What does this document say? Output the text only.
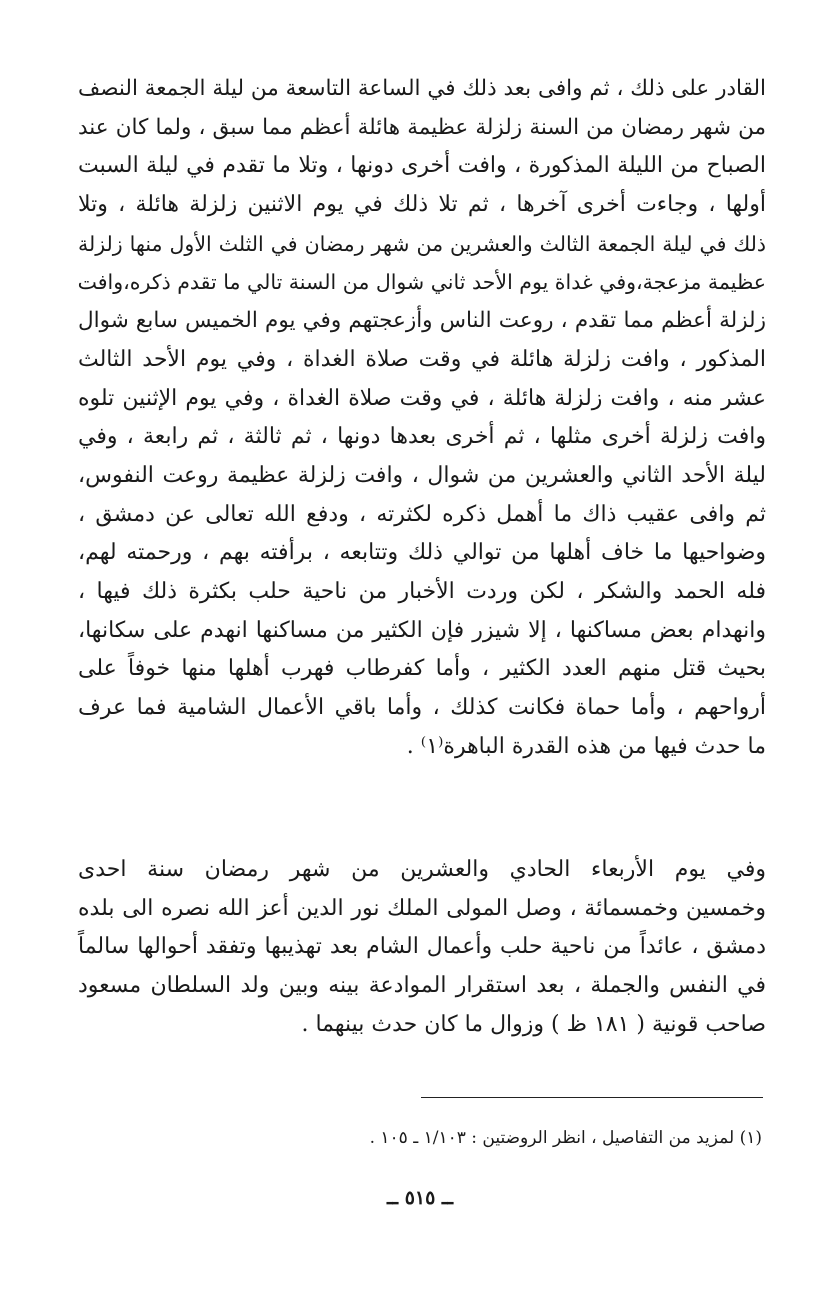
القادر على ذلك ، ثم وافى بعد ذلك في الساعة التاسعة من ليلة الجمعة النصف
من شهر رمضان من السنة زلزلة عظيمة هائلة أعظم مما سبق ، ولما كان عند
الصباح من الليلة المذكورة ، وافت أخرى دونها ، وتلا ما تقدم في ليلة السبت
أولها ، وجاءت أخرى آخرها ، ثم تلا ذلك في يوم الاثنين زلزلة هائلة ، وتلا
ذلك في ليلة الجمعة الثالث والعشرين من شهر رمضان في الثلث الأول منها زلزلة
عظيمة مزعجة،وفي غداة يوم الأحد ثاني شوال من السنة تالي ما تقدم ذكره،وافت
زلزلة أعظم مما تقدم ، روعت الناس وأزعجتهم وفي يوم الخميس سابع شوال
المذكور ، وافت زلزلة هائلة في وقت صلاة الغداة ، وفي يوم الأحد الثالث
عشر منه ، وافت زلزلة هائلة ، في وقت صلاة الغداة ، وفي يوم الإثنين تلوه
وافت زلزلة أخرى مثلها ، ثم أخرى بعدها دونها ، ثم ثالثة ، ثم رابعة ، وفي
ليلة الأحد الثاني والعشرين من شوال ، وافت زلزلة عظيمة روعت النفوس،
ثم وافى عقيب ذاك ما أهمل ذكره لكثرته ، ودفع الله تعالى عن دمشق ،
وضواحيها ما خاف أهلها من توالي ذلك وتتابعه ، برأفته بهم ، ورحمته لهم،
فله الحمد والشكر ، لكن وردت الأخبار من ناحية حلب بكثرة ذلك فيها ،
وانهدام بعض مساكنها ، إلا شيزر فإن الكثير من مساكنها انهدم على سكانها،
بحيث قتل منهم العدد الكثير ، وأما كفرطاب فهرب أهلها منها خوفاً على
أرواحهم ، وأما حماة فكانت كذلك ، وأما باقي الأعمال الشامية فما عرف
ما حدث فيها من هذه القدرة الباهرة⁽١⁾ .
وفي يوم الأربعاء الحادي والعشرين من شهر رمضان سنة احدى
وخمسين وخمسمائة ، وصل المولى الملك نور الدين أعز الله نصره الى بلده
دمشق ، عائداً من ناحية حلب وأعمال الشام بعد تهذيبها وتفقد أحوالها سالماً
في النفس والجملة ، بعد استقرار الموادعة بينه وبين ولد السلطان مسعود
صاحب قونية ( ١٨١ ظ ) وزوال ما كان حدث بينهما .
(١) لمزيد من التفاصيل ، انظر الروضتين : ١/١٠٣ ـ ١٠٥ .
ــ ٥١٥ ــ
